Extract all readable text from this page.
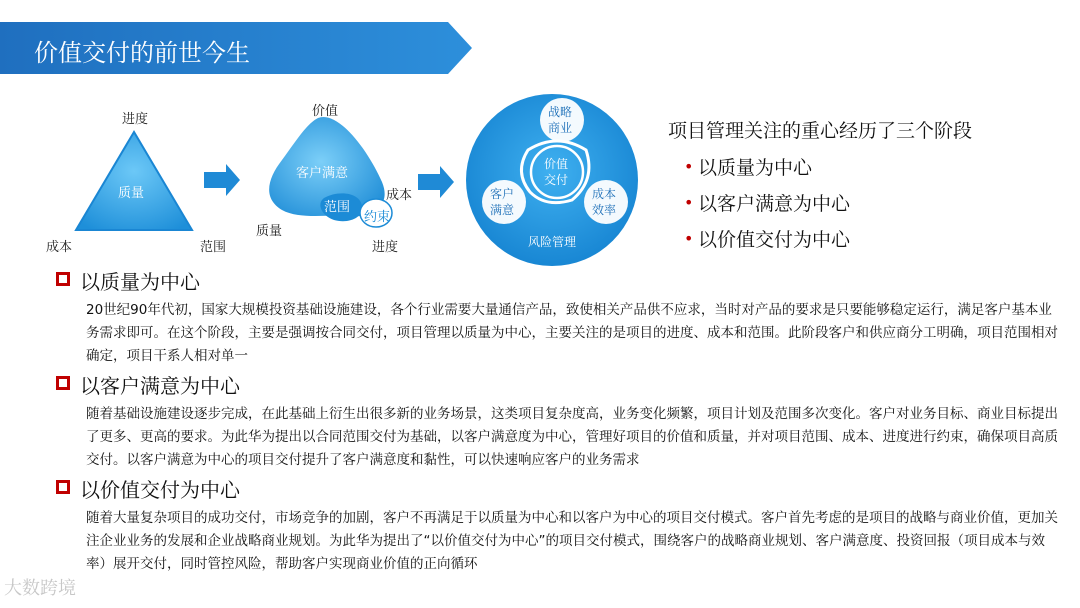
价值交付的前世今生
进度
质量
成本	范围
价值
客户满意
范围
约束
质量
成本
进度
战略
商业
价值
交付
客户
满意
成本
效率
风险管理
项目管理关注的重心经历了三个阶段
• 以质量为中心
• 以客户满意为中心
• 以价值交付为中心
以质量为中心
20世纪90年代初，国家大规模投资基础设施建设，各个行业需要大量通信产品，致使相关产品供不应求，当时对产品的要求是只要能够稳定运行，满足客户基本业务需求即可。在这个阶段，主要是强调按合同交付，项目管理以质量为中心，主要关注的是项目的进度、成本和范围。此阶段客户和供应商分工明确，项目范围相对确定，项目干系人相对单一
以客户满意为中心
随着基础设施建设逐步完成，在此基础上衍生出很多新的业务场景，这类项目复杂度高，业务变化频繁，项目计划及范围多次变化。客户对业务目标、商业目标提出了更多、更高的要求。为此华为提出以合同范围交付为基础，以客户满意度为中心，管理好项目的价值和质量，并对项目范围、成本、进度进行约束，确保项目高质交付。以客户满意为中心的项目交付提升了客户满意度和黏性，可以快速响应客户的业务需求
以价值交付为中心
随着大量复杂项目的成功交付，市场竞争的加剧，客户不再满足于以质量为中心和以客户为中心的项目交付模式。客户首先考虑的是项目的战略与商业价值，更加关注企业业务的发展和企业战略商业规划。为此华为提出了“以价值交付为中心”的项目交付模式，围绕客户的战略商业规划、客户满意度、投资回报（项目成本与效率）展开交付，同时管控风险，帮助客户实现商业价值的正向循环
大数跨境
